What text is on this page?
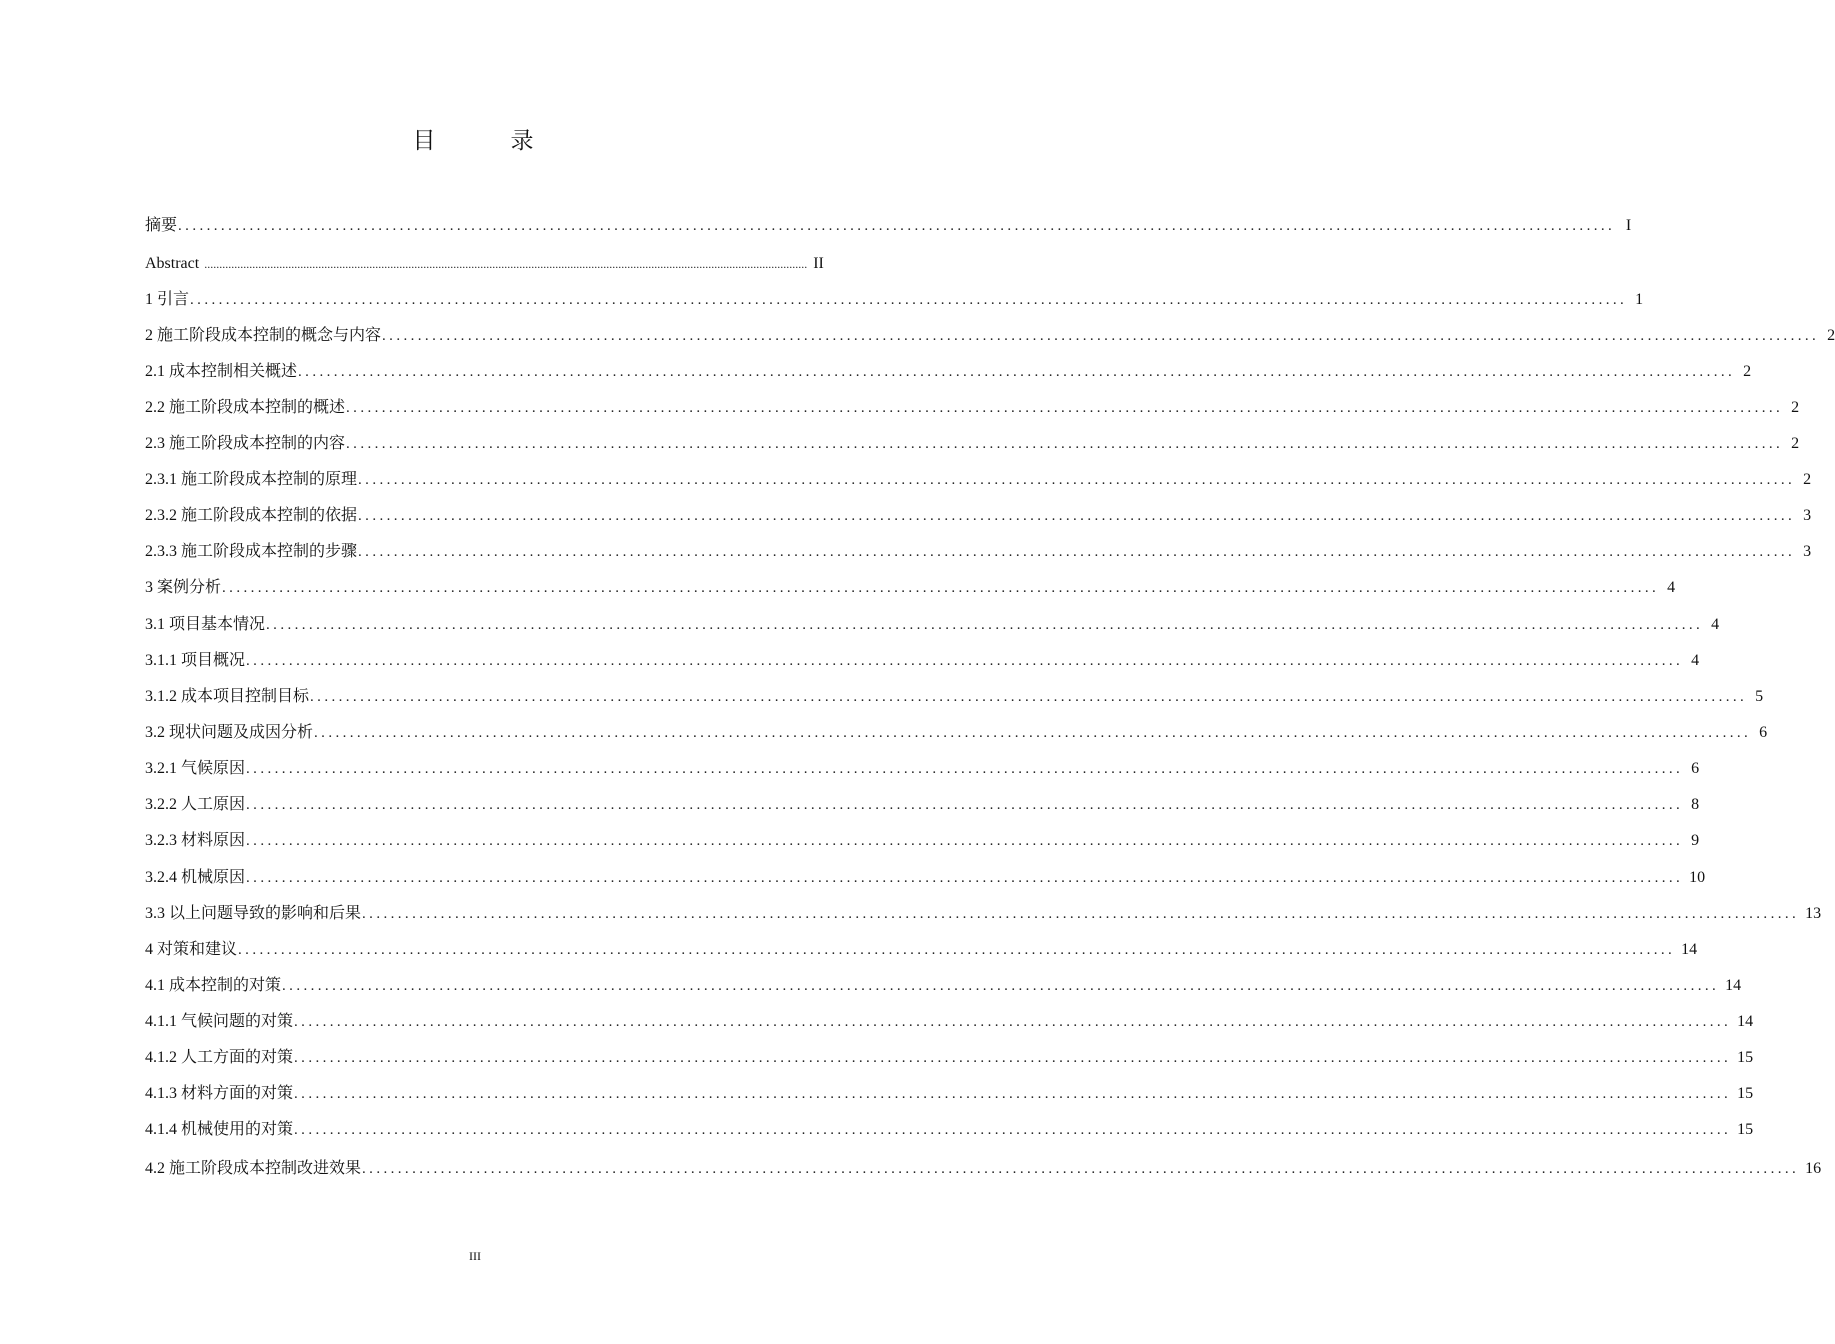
目　录
摘要 ......................................................................................................................................................................................................... I
Abstract ......................................................................................................................................................................................................... II
1 引言 ......................................................................................................................................................................................................... 1
2 施工阶段成本控制的概念与内容 ......................................................................................................................................................................................................... 2
2.1 成本控制相关概述 ......................................................................................................................................................................................................... 2
2.2 施工阶段成本控制的概述 ......................................................................................................................................................................................................... 2
2.3 施工阶段成本控制的内容 ......................................................................................................................................................................................................... 2
2.3.1 施工阶段成本控制的原理 ......................................................................................................................................................................................................... 2
2.3.2 施工阶段成本控制的依据 ......................................................................................................................................................................................................... 3
2.3.3 施工阶段成本控制的步骤 ......................................................................................................................................................................................................... 3
3 案例分析 ......................................................................................................................................................................................................... 4
3.1 项目基本情况 ......................................................................................................................................................................................................... 4
3.1.1 项目概况 ......................................................................................................................................................................................................... 4
3.1.2 成本项目控制目标 ......................................................................................................................................................................................................... 5
3.2 现状问题及成因分析 ......................................................................................................................................................................................................... 6
3.2.1 气候原因 ......................................................................................................................................................................................................... 6
3.2.2 人工原因 ......................................................................................................................................................................................................... 8
3.2.3 材料原因 ......................................................................................................................................................................................................... 9
3.2.4 机械原因 ......................................................................................................................................................................................................... 10
3.3 以上问题导致的影响和后果 ......................................................................................................................................................................................................... 13
4 对策和建议 ......................................................................................................................................................................................................... 14
4.1 成本控制的对策 ......................................................................................................................................................................................................... 14
4.1.1 气候问题的对策 ......................................................................................................................................................................................................... 14
4.1.2 人工方面的对策 ......................................................................................................................................................................................................... 15
4.1.3 材料方面的对策 ......................................................................................................................................................................................................... 15
4.1.4 机械使用的对策 ......................................................................................................................................................................................................... 15
4.2 施工阶段成本控制改进效果 ......................................................................................................................................................................................................... 16
III
